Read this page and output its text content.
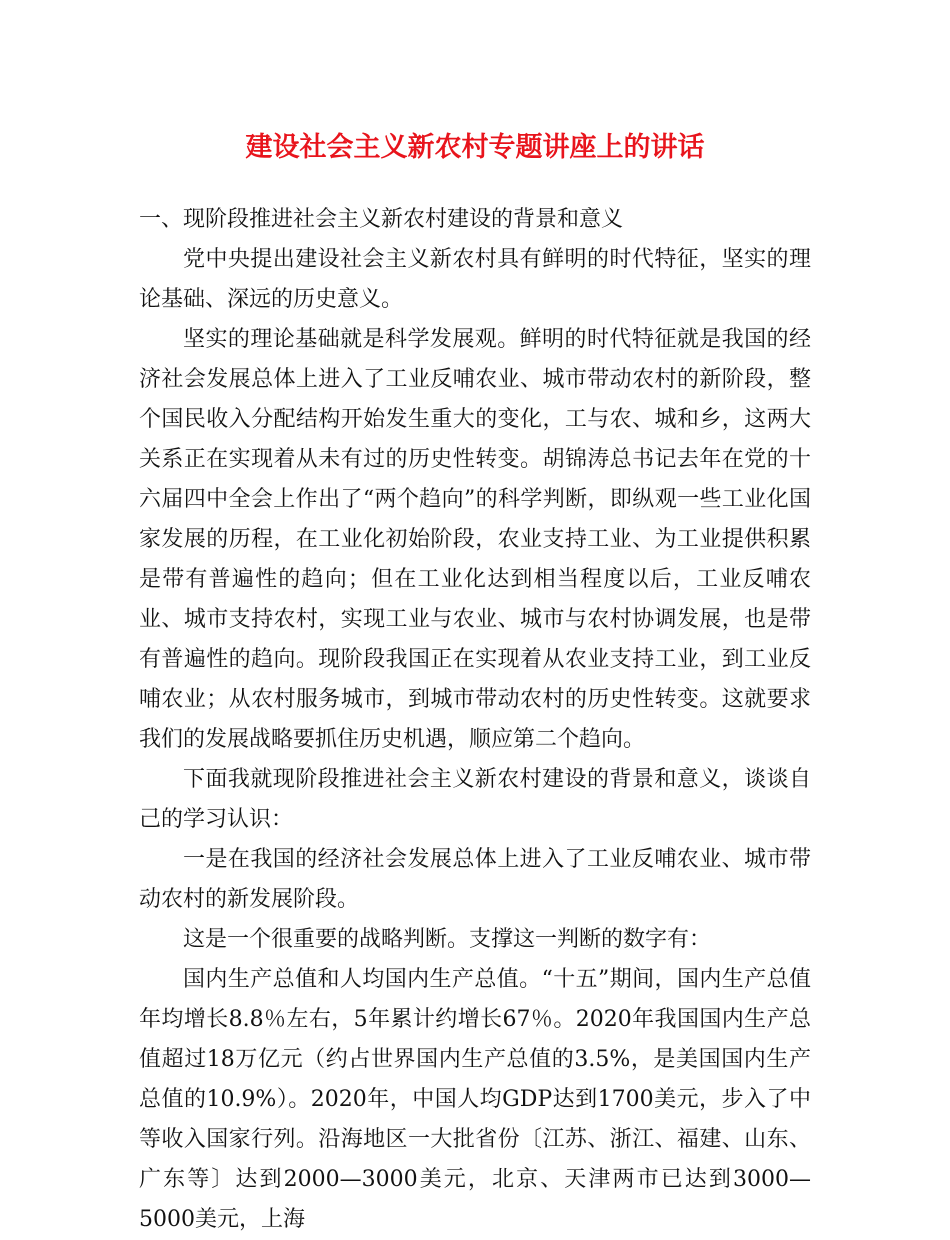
建设社会主义新农村专题讲座上的讲话

一、现阶段推进社会主义新农村建设的背景和意义

党中央提出建设社会主义新农村具有鲜明的时代特征，坚实的理论基础、深远的历史意义。

坚实的理论基础就是科学发展观。鲜明的时代特征就是我国的经济社会发展总体上进入了工业反哺农业、城市带动农村的新阶段，整个国民收入分配结构开始发生重大的变化，工与农、城和乡，这两大关系正在实现着从未有过的历史性转变。胡锦涛总书记去年在党的十六届四中全会上作出了“两个趋向”的科学判断，即纵观一些工业化国家发展的历程，在工业化初始阶段，农业支持工业、为工业提供积累是带有普遍性的趋向；但在工业化达到相当程度以后，工业反哺农业、城市支持农村，实现工业与农业、城市与农村协调发展，也是带有普遍性的趋向。现阶段我国正在实现着从农业支持工业，到工业反哺农业；从农村服务城市，到城市带动农村的历史性转变。这就要求我们的发展战略要抓住历史机遇，顺应第二个趋向。

下面我就现阶段推进社会主义新农村建设的背景和意义，谈谈自己的学习认识：

一是在我国的经济社会发展总体上进入了工业反哺农业、城市带动农村的新发展阶段。

这是一个很重要的战略判断。支撑这一判断的数字有：

国内生产总值和人均国内生产总值。“十五”期间，国内生产总值年均增长8.8％左右，5年累计约增长67％。2020年我国国内生产总值超过18万亿元（约占世界国内生产总值的3.5%，是美国国内生产总值的10.9%）。2020年，中国人均GDP达到1700美元，步入了中等收入国家行列。沿海地区一大批省份〔江苏、浙江、福建、山东、广东等〕达到2000—3000美元，北京、天津两市已达到3000—5000美元，上海
